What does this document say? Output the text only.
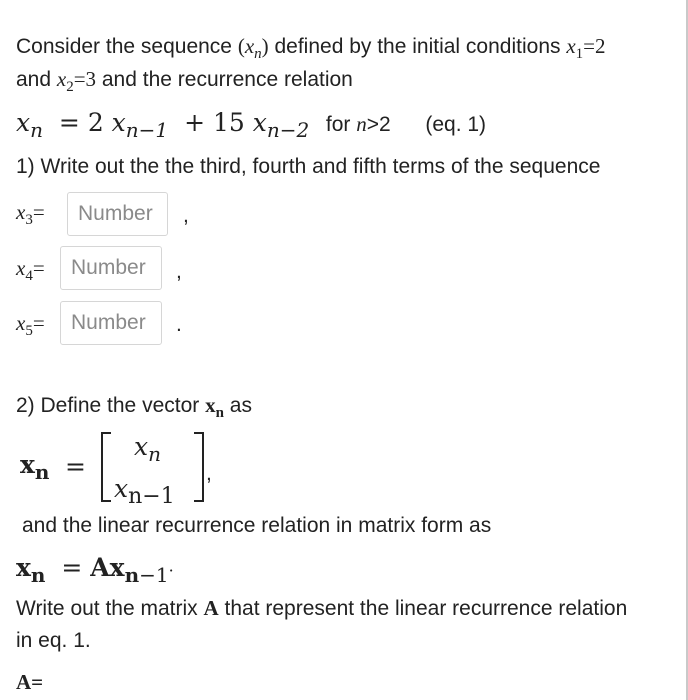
Consider the sequence $(x_n)$ defined by the initial conditions $x_1=2$
and $x_2=3$ and the recurrence relation
$x_n = 2$ $x_{n-1} + 15$ $x_{n-2}$ for n>2 (eq. 1)
1) Write out the the third, fourth and fifth terms of the sequence
$x_3=$	Number	,
$x_4=$	Number	,
$x_5=$	Number	.
2) Define the vector $x_n$ as
$x_n$ =
$x_n$
xn−1
,
and the linear recurrence relation in matrix form as
$x_n = Ax_{n-1}\cdot$
Write out the matrix A that represent the linear recurrence relation
in eq. 1.
A=
